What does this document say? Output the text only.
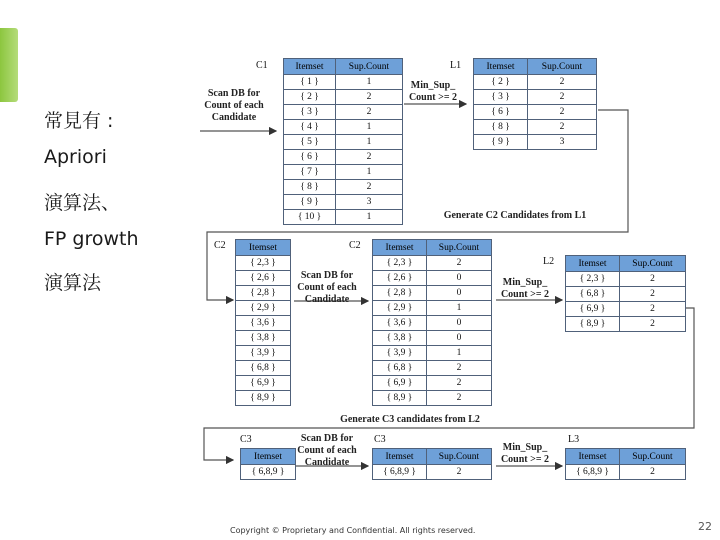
常見有 :
Apriori
演算法、
FP growth
演算法
C1	L1
Scan DB for
Count of each
Candidate
Min_Sup_
Count >= 2
Generate C2 Candidates from L1
Itemset	Sup.Count
{ 1 }	1
{ 2 }	2
{ 3 }	2
{ 4 }	1
{ 5 }	1
{ 6 }	2
{ 7 }	1
{ 8 }	2
{ 9 }	3
{ 10 }	1
Itemset	Sup.Count
{ 2 }	2
{ 3 }	2
{ 6 }	2
{ 8 }	2
{ 9 }	3
C2	C2
L2
Scan DB for
Count of each
Candidate
Min_Sup_
Count >= 2
Generate C3 candidates from L2
Itemset
{ 2,3 }
{ 2,6 }
{ 2,8 }
{ 2,9 }
{ 3,6 }
{ 3,8 }
{ 3,9 }
{ 6,8 }
{ 6,9 }
{ 8,9 }
Itemset	Sup.Count
{ 2,3 }	2
{ 2,6 }	0
{ 2,8 }	0
{ 2,9 }	1
{ 3,6 }	0
{ 3,8 }	0
{ 3,9 }	1
{ 6,8 }	2
{ 6,9 }	2
{ 8,9 }	2
Itemset	Sup.Count
{ 2,3 }	2
{ 6,8 }	2
{ 6,9 }	2
{ 8,9 }	2
C3	C3	L3
Scan DB for
Count of each
Candidate
Min_Sup_
Count >= 2
Itemset
{ 6,8,9 }
Itemset	Sup.Count
{ 6,8,9 }	2
Itemset	Sup.Count
{ 6,8,9 }	2
Copyright © Proprietary and Confidential. All rights reserved.	22
